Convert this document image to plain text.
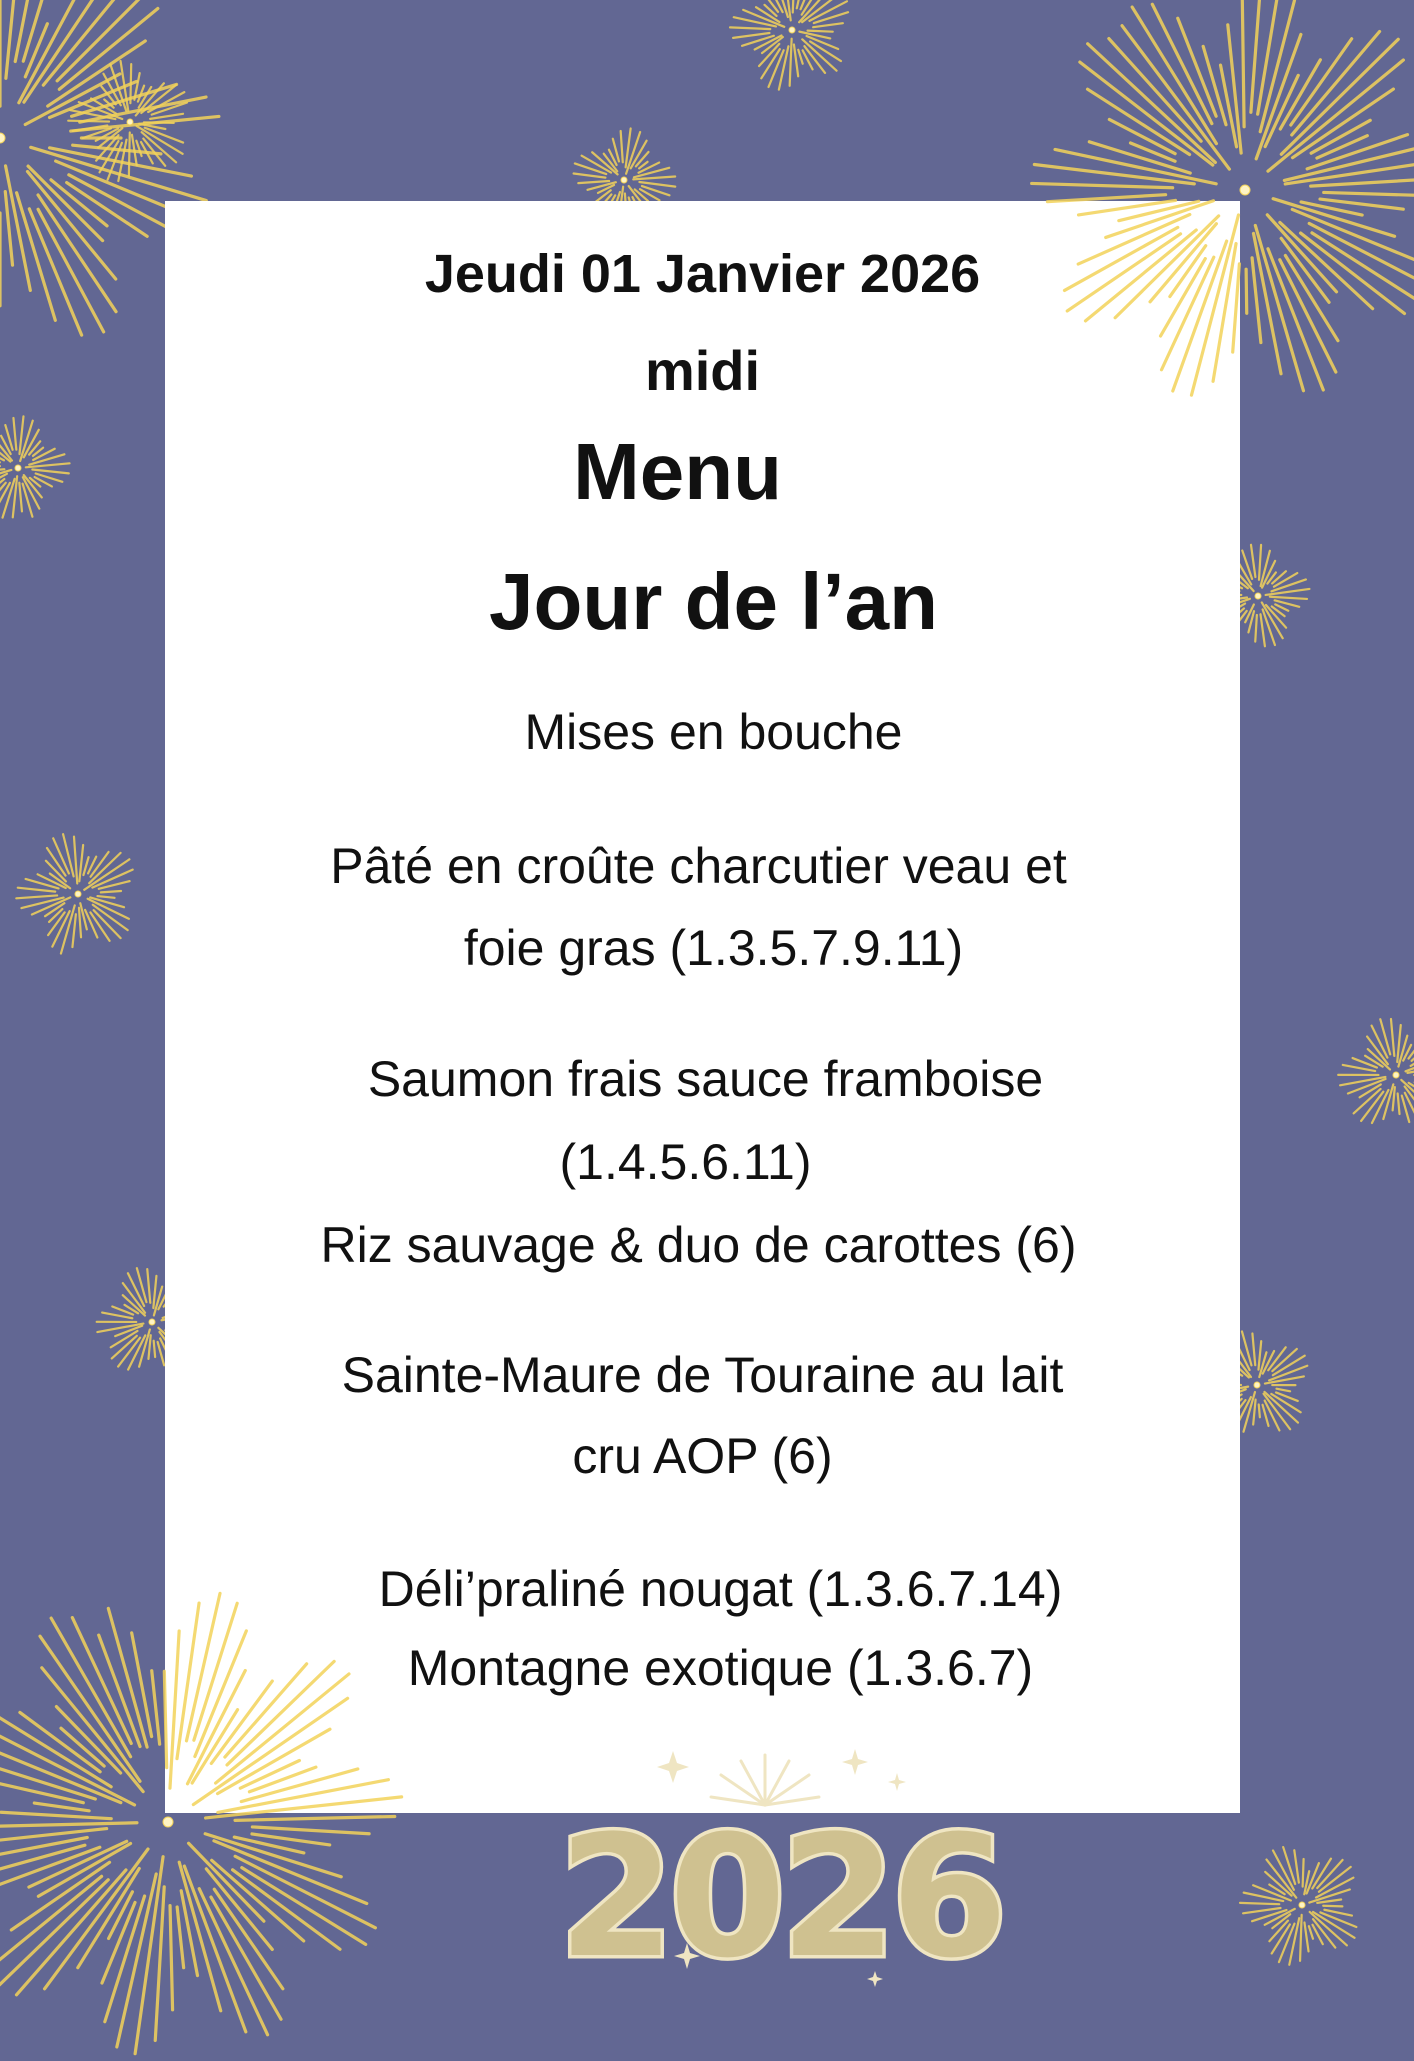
Jeudi 01 Janvier 2026
midi
Menu
Jour de l’an
Mises en bouche
Pâté en croûte charcutier veau et
foie gras (1.3.5.7.9.11)
Saumon frais sauce framboise
(1.4.5.6.11)
Riz sauvage & duo de carottes (6)
Sainte-Maure de Touraine au lait
cru AOP (6)
Déli’praliné nougat (1.3.6.7.14)
Montagne exotique (1.3.6.7)
2026
